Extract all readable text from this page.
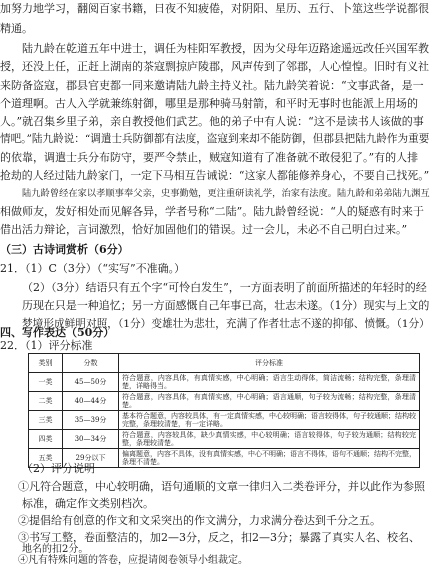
加努力地学习，翻阅百家书籍，日夜不知疲倦，对阴阳、星历、五行、卜筮这些学说都很
精通。
陆九龄在乾道五年中进士，调任为桂阳军教授，因为父母年迈路途遥远改任兴国军教
授，还没上任，正赶上湖南的茶寇剽掠庐陵郡，风声传到了邻郡，人心惶惶。旧时有义社
来防备盗寇，郡县官吏都一同来邀请陆九龄主持义社。陆九龄笑着说：“文事武备，是一
个道理啊。古人入学就兼练射御，哪里是那种骑马射箭，和平时无事时也能派上用场的
人。”就召集乡里子弟，亲自教授他们武艺。他的弟子中有人说：“这不是读书人该做的事
情吧。”陆九龄说：“调遣士兵防御都有法度，盗寇到来却不能防御，但郡县把陆九龄作为重要
的依靠，调遣士兵分布防守，要严令禁止，贼寇知道有了准备就不敢侵犯了。”有的人排
抢劫的人经过陆九龄家门，一定下马相互告诫说：“这家人都能修养身心，不要自己找死。”
陆九龄曾经在家以孝顺事奉父亲，史事勤勉，更注重研读礼学，治家有法度。陆九龄和弟弟陆九渊互
相做师友，发好相处而见解各异，学者号称“二陆”。陆九龄曾经说：“人的疑惑有时来于
借出活力辩论，言词激烈，恰好加固他们的错误。过一会儿，未必不自己明白过来。”
（三）古诗词赏析（6分）
21．（1）C（3分）（“实写”不准确。）
（2）（3分）结语只有五个字“可怜白发生”，一方面表明了前面所描述的年轻时的经
历现在只是一种追忆；另一方面感慨自己年事已高，壮志未遂。（1分）现实与上文的
梦境形成鲜明对照，（1分）变雄壮为悲壮，充满了作者壮志不遂的抑郁、愤慨。（1分）
类别	分数	评分标准
一类	45—50分	符合题意，内容具体，有真情实感，中心明确；语言生动得体，简洁流畅；结构完整，条理清楚，详略得当。
二类	40—44分	符合题意，内容具体，有真情实感，中心明确；语言通顺，句子较为流畅；结构完整，条理清楚。
三类	35—39分	基本符合题意，内容较具体，有一定真情实感，中心较明确；语言较得体，句子较通顺；结构较完整，条理较清楚，有一定详略。
四类	30—34分	符合题意，内容较具体，缺少真情实感，中心较明确；语言较得体，句子较为通顺；结构较完整，条理较清楚。
五类	29分以下	偏离题意，内容不具体，没有真情实感，中心不明确；语言不得体，语句不通顺；结构不完整，条理不清楚。
四、写作表达（50分）
22．（1）评分标准
（2）评分说明
①凡符合题意，中心较明确，语句通顺的文章一律归入二类卷评分，并以此作为参照
标准，确定作文类别档次。
②提倡给有创意的作文和文采突出的作文满分，力求满分卷达到千分之五。
③书写工整，卷面整洁的，加2—3分，反之，扣2—3分；暴露了真实人名、校名、
地名的扣2分。
④凡有特殊问题的答卷，应提请阅卷领导小组裁定。
